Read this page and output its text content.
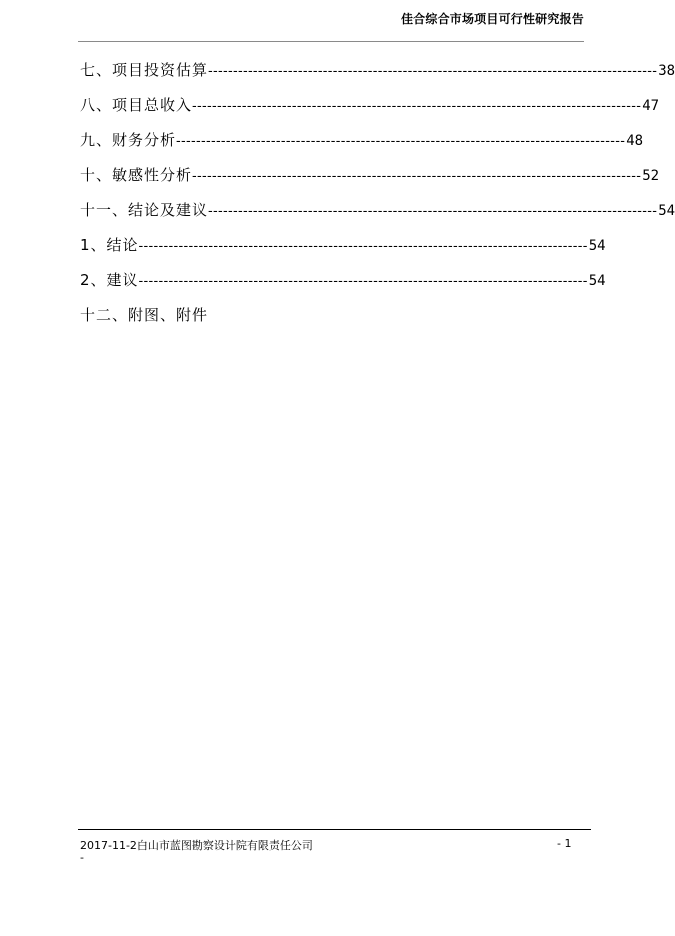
佳合综合市场项目可行性研究报告
七、项目投资估算 ------------------------------------------------------------------------------------------ 38
八、项目总收入 ------------------------------------------------------------------------------------------ 47
九、财务分析 ------------------------------------------------------------------------------------------ 48
十、敏感性分析 ------------------------------------------------------------------------------------------ 52
十一、结论及建议 ------------------------------------------------------------------------------------------ 54
1、结论 ------------------------------------------------------------------------------------------ 54
2、建议 ------------------------------------------------------------------------------------------ 54
十二、附图、附件
2017-11-2白山市蓝图勘察设计院有限责任公司	- 1
-
